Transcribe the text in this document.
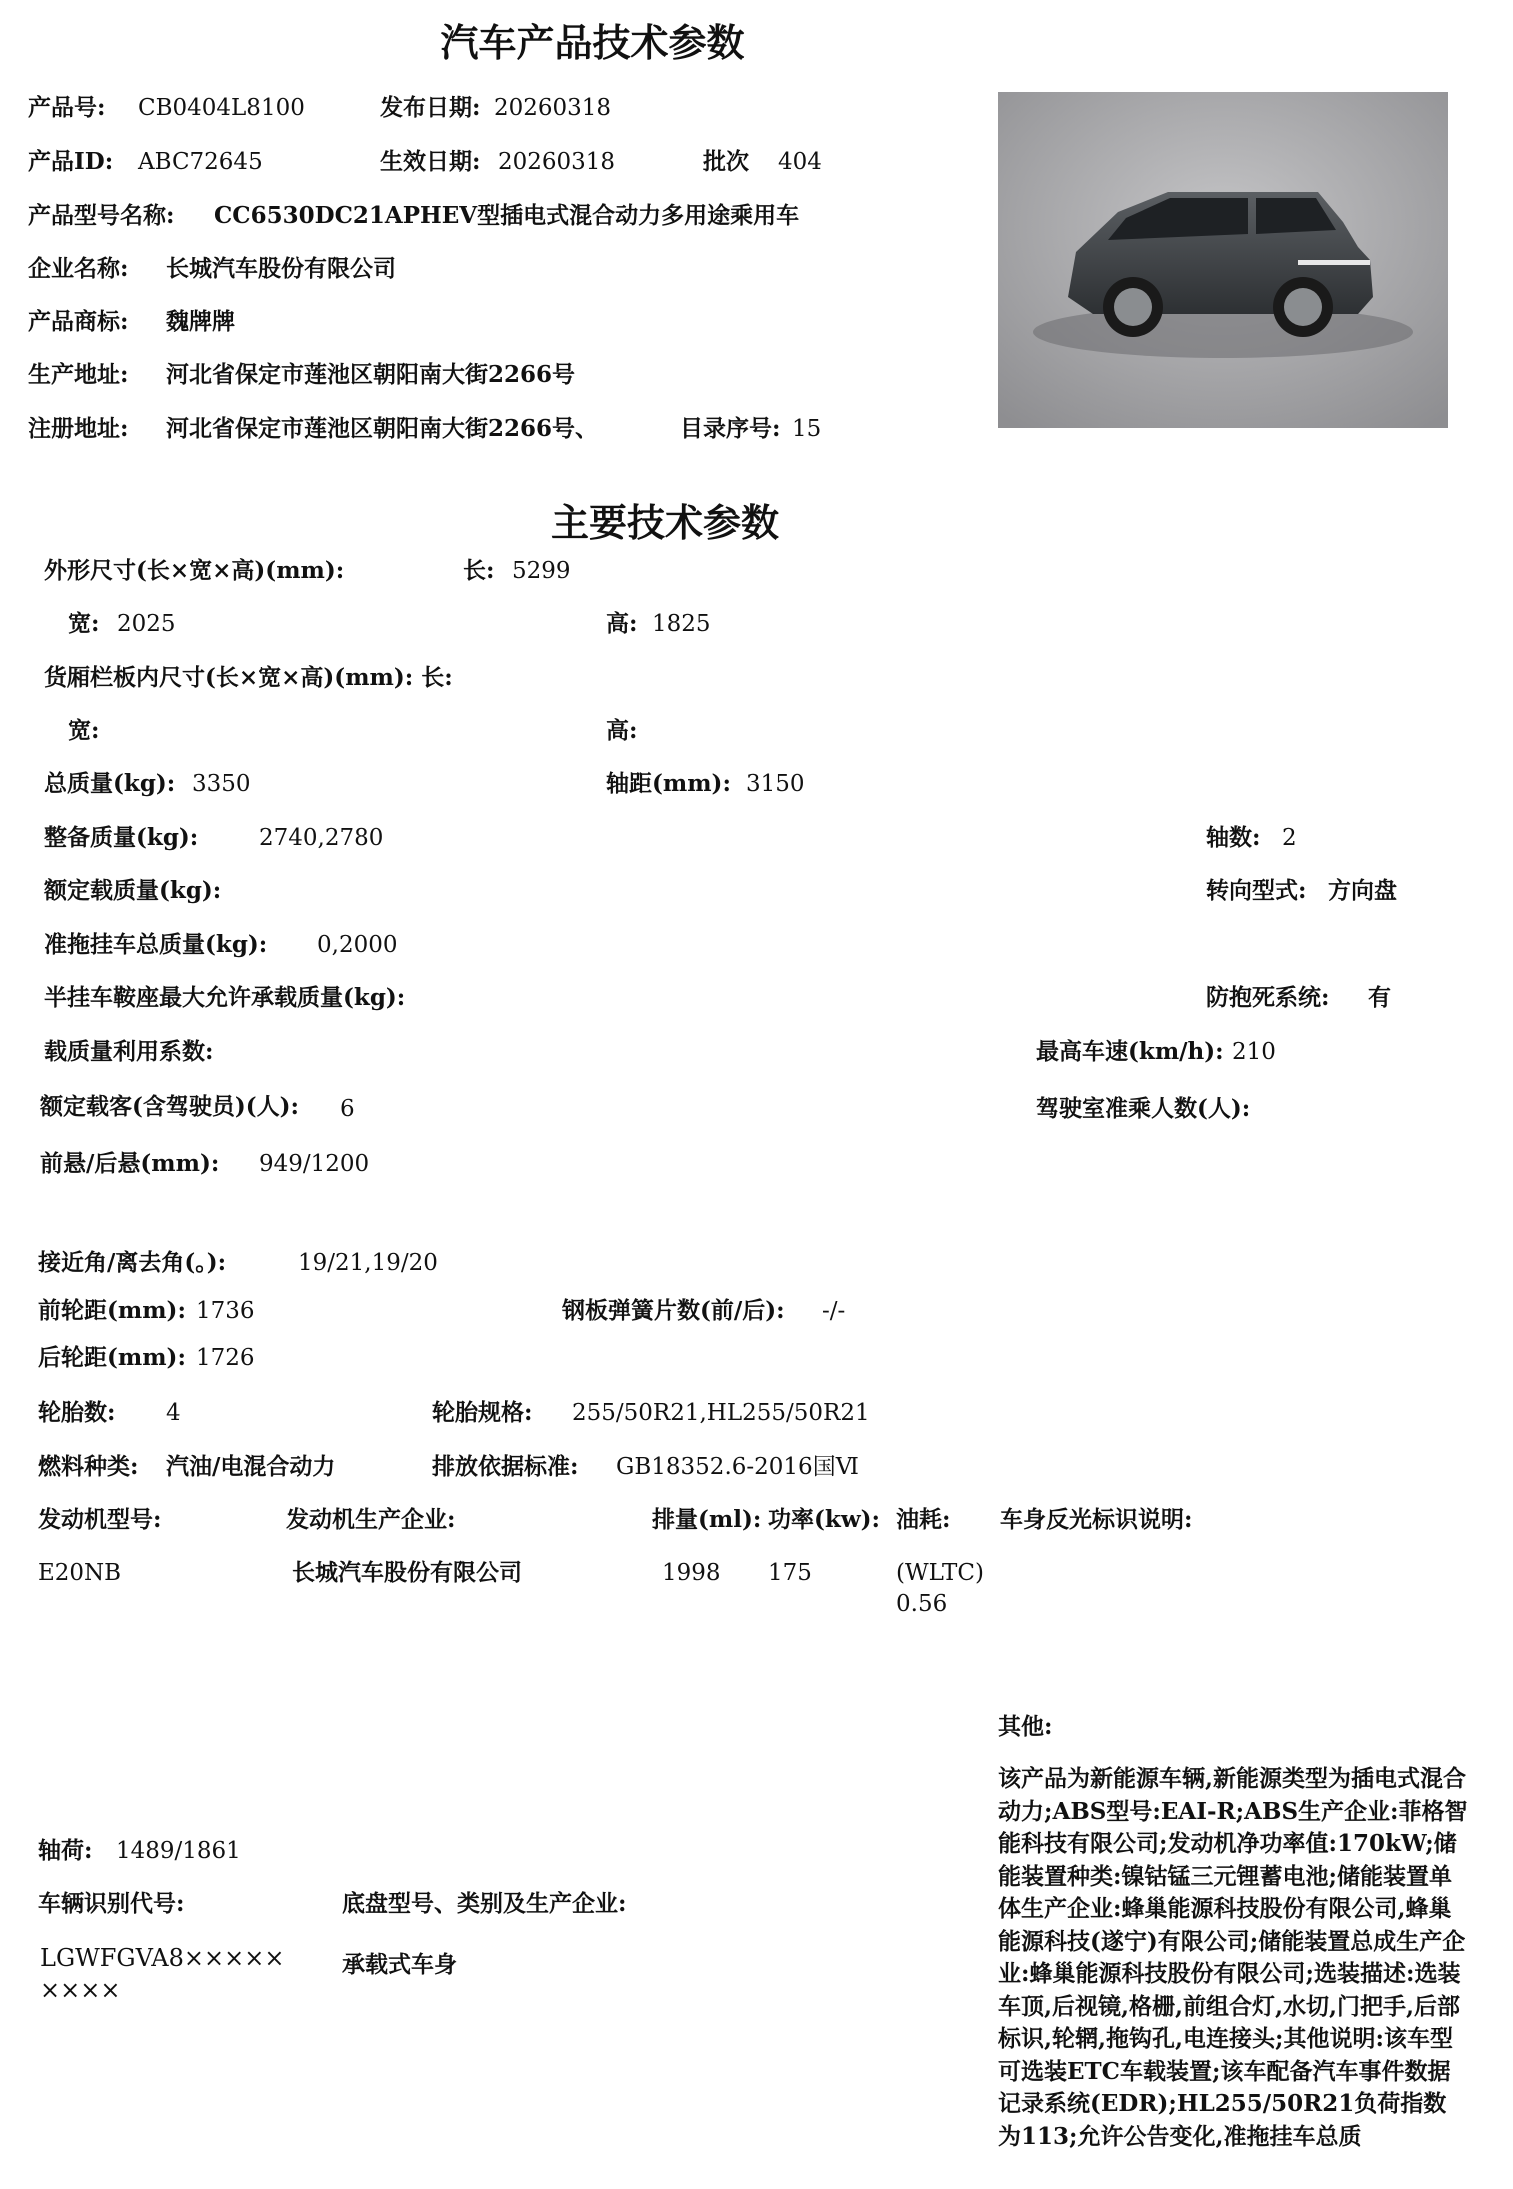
汽车产品技术参数
产品号: CB0404L8100	发布日期: 20260318
产品ID: ABC72645	生效日期: 20260318	批次 404
产品型号名称: CC6530DC21APHEV型插电式混合动力多用途乘用车
企业名称: 长城汽车股份有限公司
产品商标: 魏牌牌
生产地址: 河北省保定市莲池区朝阳南大街2266号
注册地址: 河北省保定市莲池区朝阳南大街2266号、	目录序号: 15
主要技术参数
外形尺寸(长×宽×高)(mm):	长: 5299
宽: 2025	高: 1825
货厢栏板内尺寸(长×宽×高)(mm): 长:
宽:	高:
总质量(kg): 3350	轴距(mm): 3150
整备质量(kg):	2740,2780	轴数: 2
额定载质量(kg):	转向型式: 方向盘
准拖挂车总质量(kg): 0,2000
半挂车鞍座最大允许承载质量(kg):	防抱死系统: 有
载质量利用系数:	最高车速(km/h): 210
额定载客(含驾驶员)(人): 6	驾驶室准乘人数(人):
前悬/后悬(mm): 949/1200
接近角/离去角(。):	19/21,19/20
前轮距(mm): 1736	钢板弹簧片数(前/后): -/-
后轮距(mm): 1726
轮胎数: 4	轮胎规格: 255/50R21,HL255/50R21
燃料种类: 汽油/电混合动力	排放依据标准: GB18352.6-2016国Ⅵ
发动机型号:	发动机生产企业:	排量(ml): 功率(kw): 油耗: 车身反光标识说明:
E20NB	长城汽车股份有限公司	1998 175	(WLTC)
0.56
其他:
该产品为新能源车辆,新能源类型为插电式混合动力;ABS型号:EAI-R;ABS生产企业:菲格智能科技有限公司;发动机净功率值:170kW;储能装置种类:镍钴锰三元锂蓄电池;储能装置单体生产企业:蜂巢能源科技股份有限公司,蜂巢能源科技(遂宁)有限公司;储能装置总成生产企业:蜂巢能源科技股份有限公司;选装描述:选装车顶,后视镜,格栅,前组合灯,水切,门把手,后部标识,轮辋,拖钩孔,电连接头;其他说明:该车型可选装ETC车载装置;该车配备汽车事件数据记录系统(EDR);HL255/50R21负荷指数为113;允许公告变化,准拖挂车总质
轴荷: 1489/1861
车辆识别代号:	底盘型号、类别及生产企业:
LGWFGVA8×××××
××××
承载式车身
